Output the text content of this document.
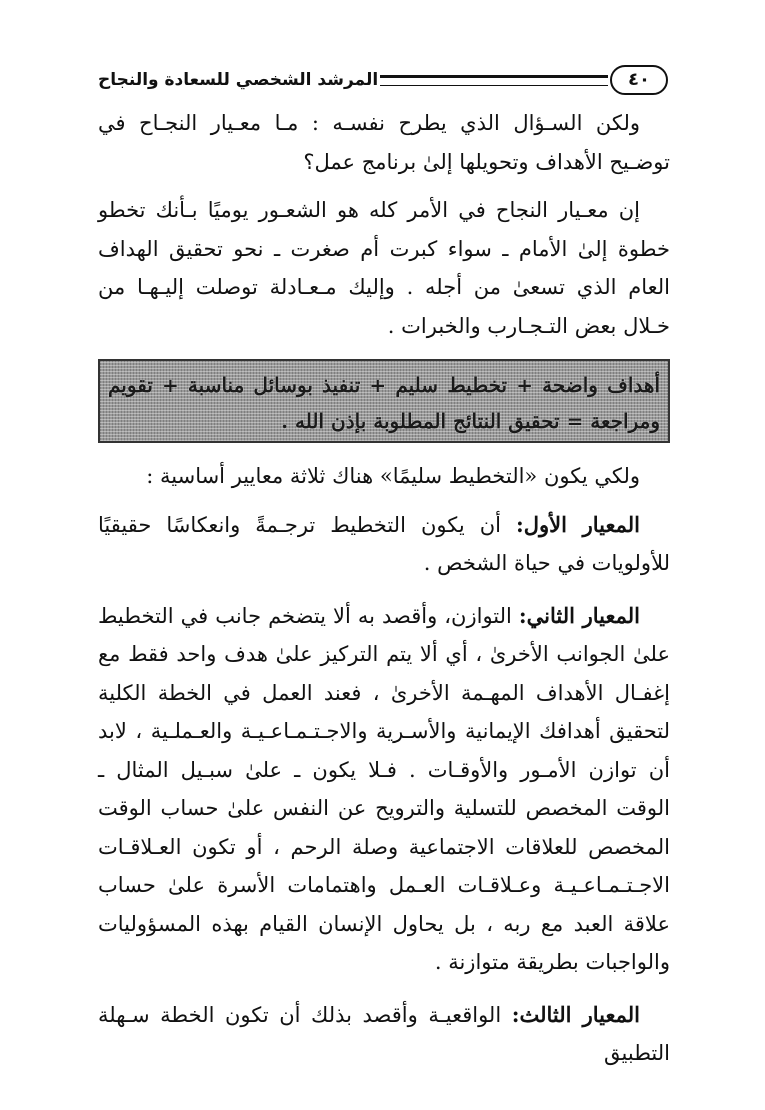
٤٠
المرشد الشخصي للسعادة والنجاح

ولكن السـؤال الذي يطرح نفسـه : مـا معـيار النجـاح في توضـيح الأهداف وتحويلها إلىٰ برنامج عمل؟

إن معـيار النجاح في الأمر كله هو الشعـور يوميًا بـأنك تخطو خطوة إلىٰ الأمام ـ سواء كبرت أم صغرت ـ نحو تحقيق الهداف العام الذي تسعىٰ من أجله . وإليك مـعـادلة توصلت إليـهـا من خـلال بعض التـجـارب والخبرات .

أهداف واضحة + تخطيط سليم + تنفيذ بوسائل مناسبة + تقويم ومراجعة = تحقيق النتائج المطلوبة بإذن الله .

ولكي يكون «التخطيط سليمًا» هناك ثلاثة معايير أساسية :

المعيار الأول: أن يكون التخطيط ترجـمةً وانعكاسًا حقيقيًا للأولويات في حياة الشخص .

المعيار الثاني: التوازن، وأقصد به ألا يتضخم جانب في التخطيط علىٰ الجوانب الأخرىٰ ، أي ألا يتم التركيز علىٰ هدف واحد فقط مع إغفـال الأهداف المهـمة الأخرىٰ ، فعند العمل في الخطة الكلية لتحقيق أهدافك الإيمانية والأسـرية والاجـتـمـاعـيـة والعـملـية ، لابد أن توازن الأمـور والأوقـات . فـلا يكون ـ علىٰ سبـيل المثال ـ الوقت المخصص للتسلية والترويح عن النفس علىٰ حساب الوقت المخصص للعلاقات الاجتماعية وصلة الرحم ، أو تكون العـلاقـات الاجـتـمـاعـيـة وعـلاقـات العـمل واهتمامات الأسرة علىٰ حساب علاقة العبد مع ربه ، بل يحاول الإنسان القيام بهذه المسؤوليات والواجبات بطريقة متوازنة .

المعيار الثالث: الواقعيـة وأقصد بذلك أن تكون الخطة سـهلة التطبيق
